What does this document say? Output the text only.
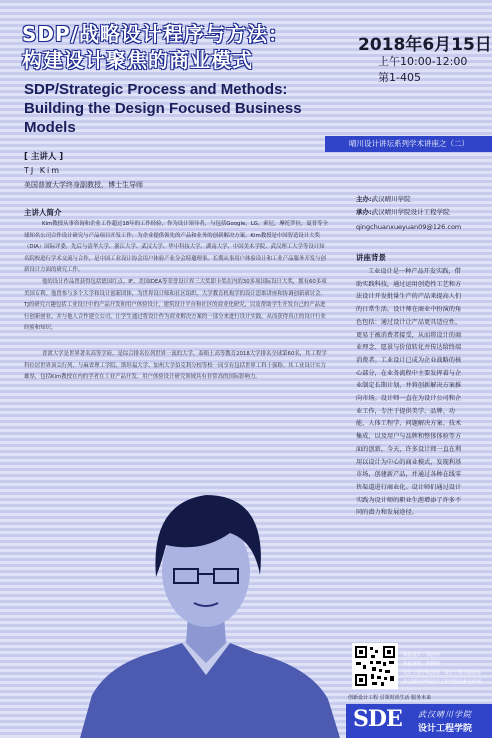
SDP/战略设计程序与方法：
构建设计聚焦的商业模式
SDP/Strategic Process and Methods:
Building the Design Focused Business Models
2018年6月15日
上午10:00-12:00
第1-405
晴川设计讲坛系列学术讲座之（二）
[ 主讲人 ]
TJ Kim
美国普渡大学终身副教授，博士生导师
主办:武汉晴川学院
承办:武汉晴川学院设计工程学院
qingchuanxueyuan09@126.com
主讲人简介

Kim教授从事咨询和企业工作超过18年的工作经验，作为设计领导者，与包括Google，LG，索尼，摩托罗拉，夏普等全球知名公司合作设计研究与产品项目开发工作，为企业提供领先的产品和业务的创新解决方案。Kim教授是中国智造设计大奖（DIA）国际评委，先后与清华大学、浙江大学、武汉大学、华中科技大学、湖南大学、中国美术学院、武汉理工大学等设计知名院校进行学术交流与合作，是中国工业设计协会用户体验产业分会特邀理事。长期从事用户体验设计和工业产品服务开发与创新设计方面的研究工作。

他的设计作品曾获得包括德国红点、IF、美国IDEA等荣誉设计界三大奖即卡奖在内的30多项国际设计大奖，拥有60多项美国专利。他曾参与多个大学和设计创新团体，为世界设计师和社区组织、大学教育机构学的设计思维讲座和协调创新研讨会。TJ的研究兴趣包括工业设计中的产品开发和用户体验设计，建筑设计平台和社区的商业化研究，以及帮助学生开发自己的产品进行创新创业，并与他人合作建立公司，让学生通过将设计作为商业解决方案的一部分来进行设计实践，从而获得真正的设计行业经验和知识。

普渡大学是世界著名高等学府，是综合排名位列世界一流的大学，泰晤士高等教育2018大学排名全球第60名，其工程学科位居世界顶尖行列，与麻省理工学院、斯坦福大学、加州大学伯克利分校等校一同享有包括世界工科十强称。其工业设计实力雄厚，包括Kim教授在内的学者在工业产品开发、用户体验设计研究领域具有非常高的国际影响力。

讲座背景

工业设计是一种产品开发实践，借助实践科技，通过运用创造性工艺和方法设计开发批量生产的产品来提高人们的日常生活。设计师在商业中扮演的角色包括：通过设计让产品更具适应性，更易于被消费者接受，从而将设计的商业理念、愿景与价值转化并传达给终端消费者。工业设计已成为企业战略的核心部分，在业务流程中主要发挥着与企业制定长期计划、并将创新解决方案推向市场。设计师一直在为设计公司和企业工作，专注于提供美学、品牌、功能、人体工程学、问题解决方案、技术集成，以及用户与品牌和整体体验等方面的创新。今天，许多设计师一直在利用以设计为中心的商业模式，发现利基市场，创建新产品，并通过各种在线零售渠道进行商业化。设计师们通过设计实践为设计师的职业生涯增添了许多不同的潜力和发展途径。

海报设计：郭礼明
海报审核：赵晓明
设计工程学院团委：设计工程学院团委
武汉晴川学院设计工程学院团委宣传部
创新设计工程 引领时尚生活 服务未来
SDE 武汉晴川学院
设计工程学院
